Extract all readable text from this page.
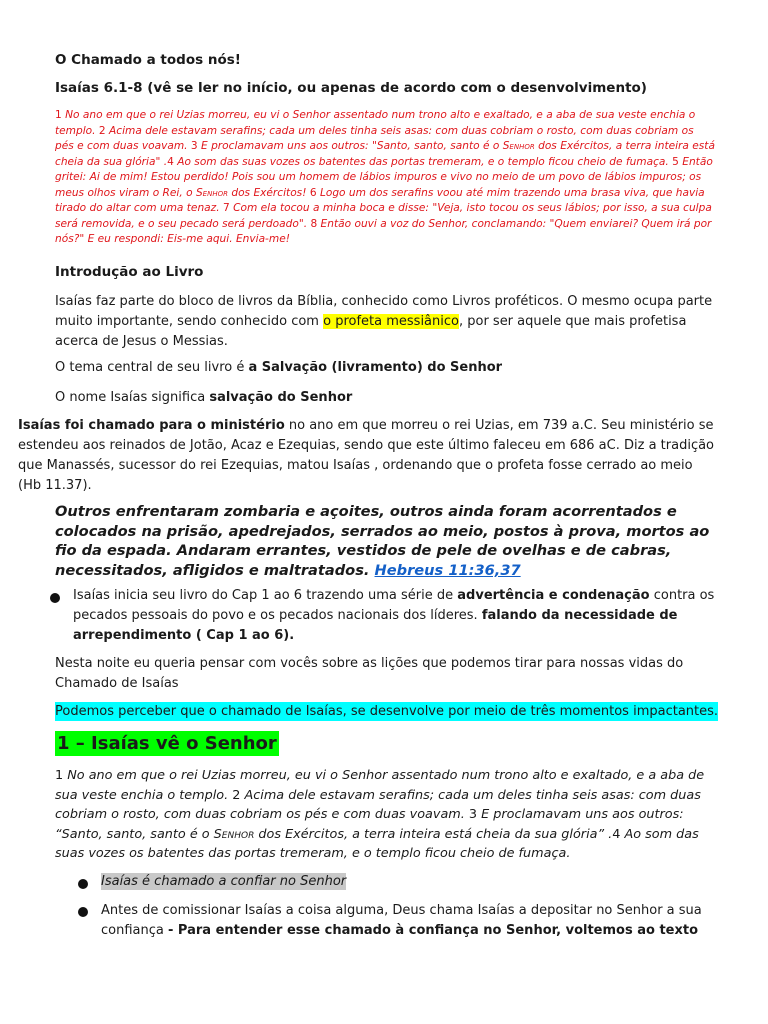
O Chamado a todos nós!
Isaías 6.1-8 (vê se ler no início, ou apenas de acordo com o desenvolvimento)
1 No ano em que o rei Uzias morreu, eu vi o Senhor assentado num trono alto e exaltado, e a aba de sua veste enchia o templo. 2 Acima dele estavam serafins; cada um deles tinha seis asas: com duas cobriam o rosto, com duas cobriam os pés e com duas voavam. 3 E proclamavam uns aos outros: "Santo, santo, santo é o Senhor dos Exércitos, a terra inteira está cheia da sua glória" .4 Ao som das suas vozes os batentes das portas tremeram, e o templo ficou cheio de fumaça. 5 Então gritei: Ai de mim! Estou perdido! Pois sou um homem de lábios impuros e vivo no meio de um povo de lábios impuros; os meus olhos viram o Rei, o Senhor dos Exércitos! 6 Logo um dos serafins voou até mim trazendo uma brasa viva, que havia tirado do altar com uma tenaz. 7 Com ela tocou a minha boca e disse: "Veja, isto tocou os seus lábios; por isso, a sua culpa será removida, e o seu pecado será perdoado". 8 Então ouvi a voz do Senhor, conclamando: "Quem enviarei? Quem irá por nós?" E eu respondi: Eis-me aqui. Envia-me!
Introdução ao Livro
Isaías faz parte do bloco de livros da Bíblia, conhecido como Livros proféticos. O mesmo ocupa parte muito importante, sendo conhecido com o profeta messiânico, por ser aquele que mais profetisa acerca de Jesus o Messias.
O tema central de seu livro é a Salvação (livramento) do Senhor
O nome Isaías significa salvação do Senhor
Isaías foi chamado para o ministério no ano em que morreu o rei Uzias, em 739 a.C. Seu ministério se estendeu aos reinados de Jotão, Acaz e Ezequias, sendo que este último faleceu em 686 aC. Diz a tradição que Manassés, sucessor do rei Ezequias, matou Isaías , ordenando que o profeta fosse cerrado ao meio (Hb 11.37).
Outros enfrentaram zombaria e açoites, outros ainda foram acorrentados e colocados na prisão, apedrejados, serrados ao meio, postos à prova, mortos ao fio da espada. Andaram errantes, vestidos de pele de ovelhas e de cabras, necessitados, afligidos e maltratados. Hebreus 11:36,37
Isaías inicia seu livro do Cap 1 ao 6 trazendo uma série de advertência e condenação contra os pecados pessoais do povo e os pecados nacionais dos líderes. falando da necessidade de arrependimento ( Cap 1 ao 6).
Nesta noite eu queria pensar com vocês sobre as lições que podemos tirar para nossas vidas do Chamado de Isaías
Podemos perceber que o chamado de Isaías, se desenvolve por meio de três momentos impactantes.
1 – Isaías vê o Senhor
1 No ano em que o rei Uzias morreu, eu vi o Senhor assentado num trono alto e exaltado, e a aba de sua veste enchia o templo. 2 Acima dele estavam serafins; cada um deles tinha seis asas: com duas cobriam o rosto, com duas cobriam os pés e com duas voavam. 3 E proclamavam uns aos outros: “Santo, santo, santo é o Senhor dos Exércitos, a terra inteira está cheia da sua glória” .4 Ao som das suas vozes os batentes das portas tremeram, e o templo ficou cheio de fumaça.
Isaías é chamado a confiar no Senhor
Antes de comissionar Isaías a coisa alguma, Deus chama Isaías a depositar no Senhor a sua confiança - Para entender esse chamado à confiança no Senhor, voltemos ao texto
